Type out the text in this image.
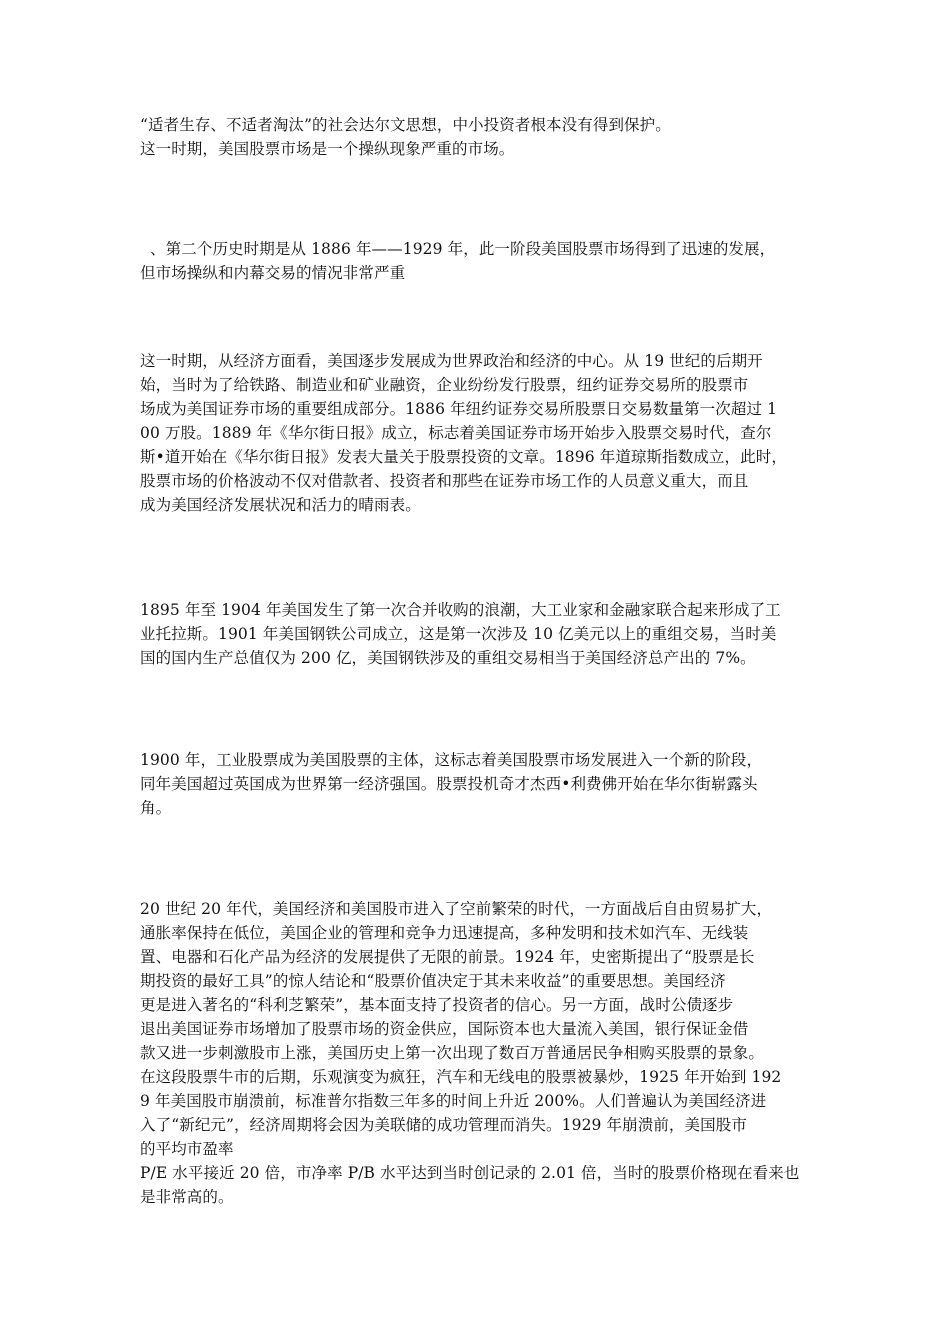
“适者生存、不适者淘汰”的社会达尔文思想，中小投资者根本没有得到保护。
这一时期，美国股票市场是一个操纵现象严重的市场。
、第二个历史时期是从 1886 年——1929 年，此一阶段美国股票市场得到了迅速的发展，
但市场操纵和内幕交易的情况非常严重
这一时期，从经济方面看，美国逐步发展成为世界政治和经济的中心。从 19 世纪的后期开
始，当时为了给铁路、制造业和矿业融资，企业纷纷发行股票，纽约证券交易所的股票市
场成为美国证券市场的重要组成部分。1886 年纽约证券交易所股票日交易数量第一次超过 1
00 万股。1889 年《华尔街日报》成立，标志着美国证券市场开始步入股票交易时代，查尔
斯•道开始在《华尔街日报》发表大量关于股票投资的文章。1896 年道琼斯指数成立，此时，
股票市场的价格波动不仅对借款者、投资者和那些在证券市场工作的人员意义重大，而且
成为美国经济发展状况和活力的晴雨表。
1895 年至 1904 年美国发生了第一次合并收购的浪潮，大工业家和金融家联合起来形成了工
业托拉斯。1901 年美国钢铁公司成立，这是第一次涉及 10 亿美元以上的重组交易，当时美
国的国内生产总值仅为 200 亿，美国钢铁涉及的重组交易相当于美国经济总产出的 7%。
1900 年，工业股票成为美国股票的主体，这标志着美国股票市场发展进入一个新的阶段，
同年美国超过英国成为世界第一经济强国。股票投机奇才杰西•利费佛开始在华尔街崭露头
角。
20 世纪 20 年代，美国经济和美国股市进入了空前繁荣的时代，一方面战后自由贸易扩大，
通胀率保持在低位，美国企业的管理和竞争力迅速提高，多种发明和技术如汽车、无线装
置、电器和石化产品为经济的发展提供了无限的前景。1924 年，史密斯提出了“股票是长
期投资的最好工具”的惊人结论和“股票价值决定于其未来收益”的重要思想。美国经济
更是进入著名的“科利芝繁荣”，基本面支持了投资者的信心。另一方面，战时公债逐步
退出美国证券市场增加了股票市场的资金供应，国际资本也大量流入美国，银行保证金借
款又进一步刺激股市上涨，美国历史上第一次出现了数百万普通居民争相购买股票的景象。
在这段股票牛市的后期，乐观演变为疯狂，汽车和无线电的股票被暴炒，1925 年开始到 192
9 年美国股市崩溃前，标准普尔指数三年多的时间上升近 200%。人们普遍认为美国经济进
入了“新纪元”，经济周期将会因为美联储的成功管理而消失。1929 年崩溃前，美国股市
的平均市盈率
P/E 水平接近 20 倍，市净率 P/B 水平达到当时创记录的 2.01 倍，当时的股票价格现在看来也
是非常高的。
